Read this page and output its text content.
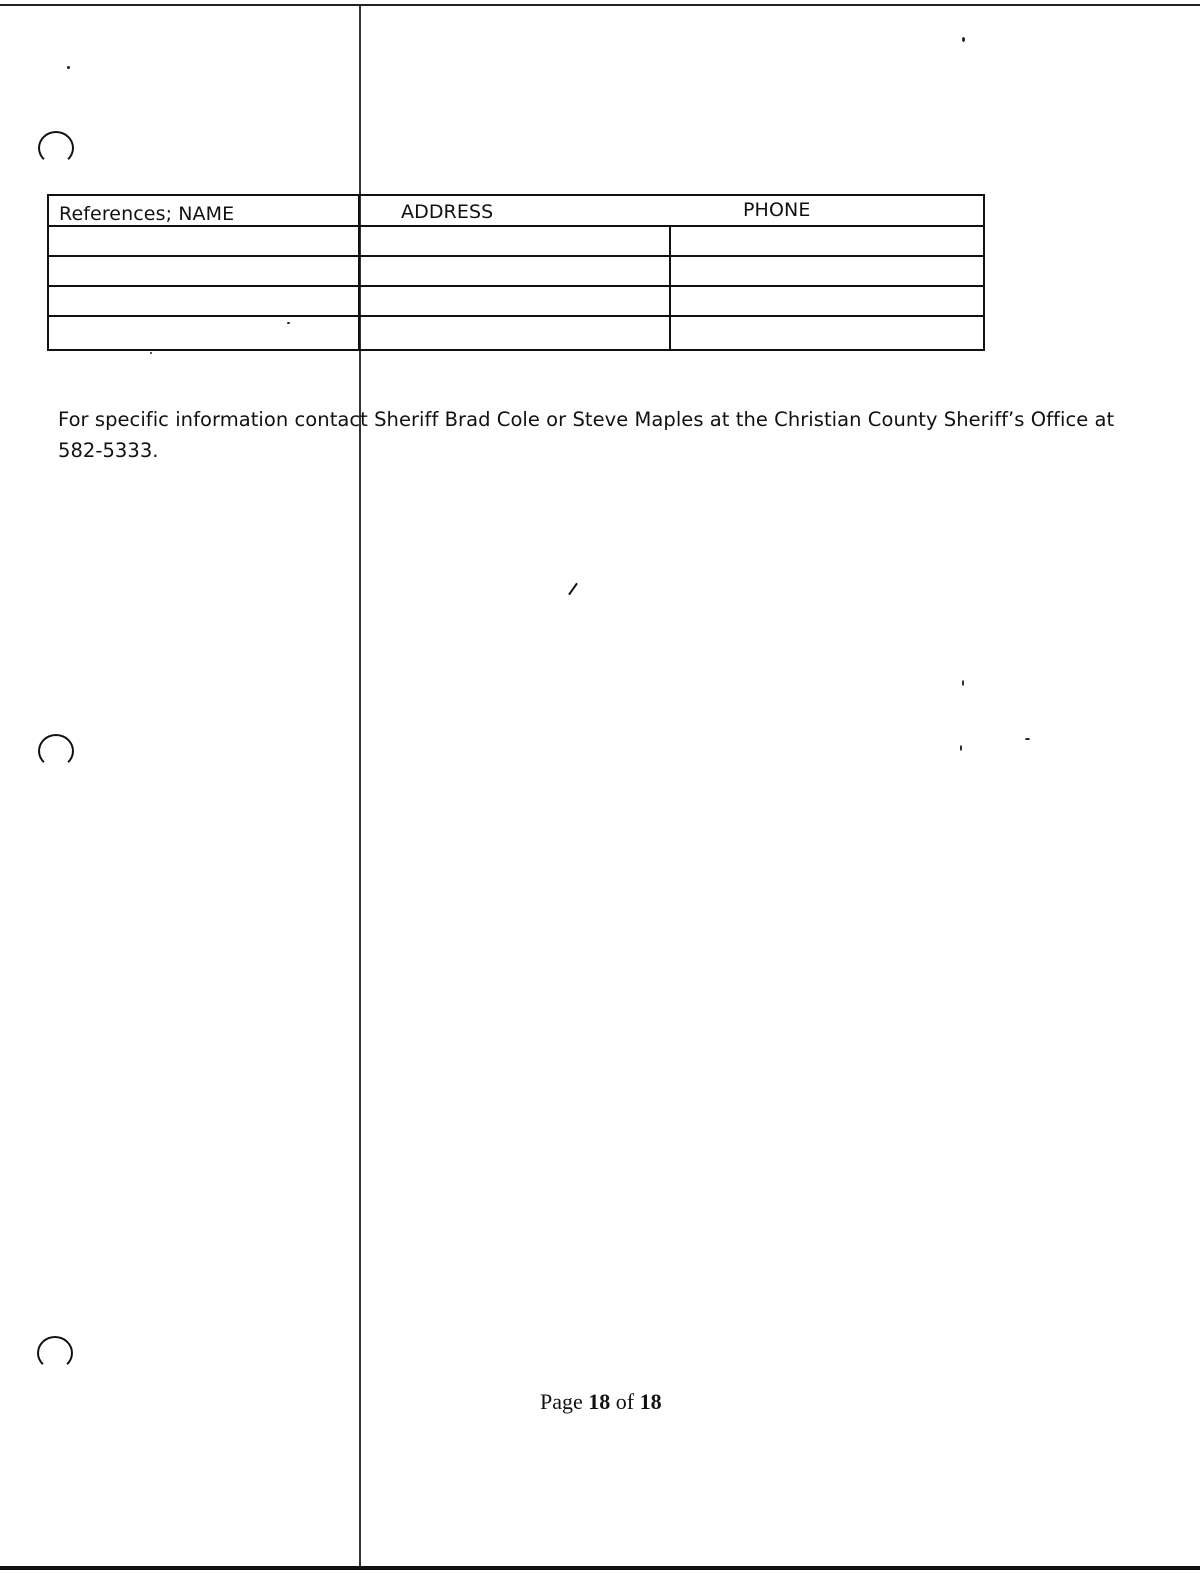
References; NAME	ADDRESS	PHONE

For specific information contact Sheriff Brad Cole or Steve Maples at the Christian County Sheriff’s Office at 582-5333.

Page 18 of 18
